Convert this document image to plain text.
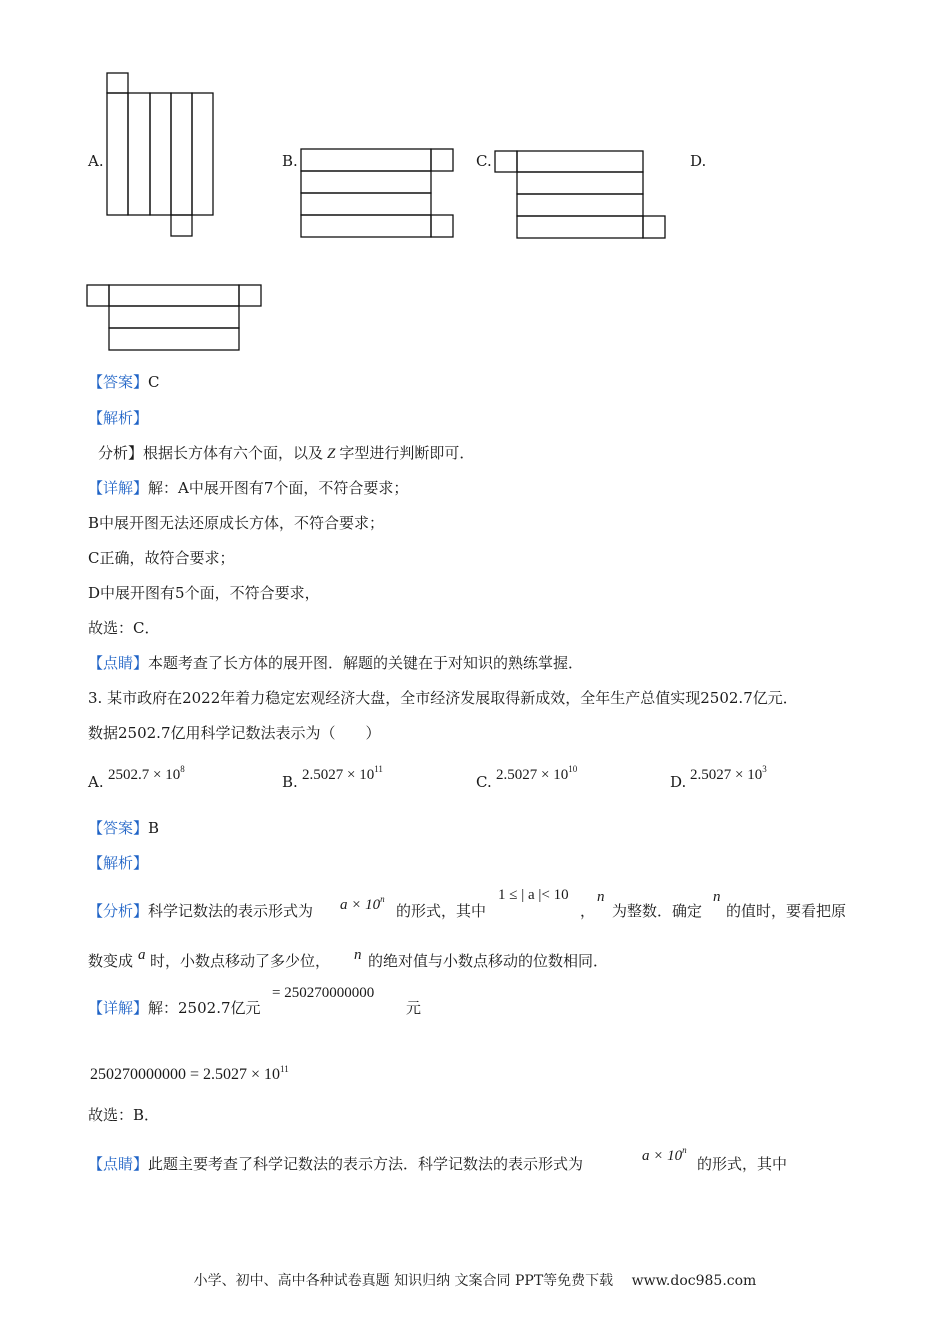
A.	B.	C.	D.
【答案】C
【解析】
分析】根据长方体有六个面，以及 Z 字型进行判断即可．
【详解】解：A中展开图有7个面，不符合要求；
B中展开图无法还原成长方体，不符合要求；
C正确，故符合要求；
D中展开图有5个面，不符合要求，
故选：C．
【点睛】本题考查了长方体的展开图．解题的关键在于对知识的熟练掌握．
3. 某市政府在2022年着力稳定宏观经济大盘，全市经济发展取得新成效，全年生产总值实现2502.7亿元．
数据2502.7亿用科学记数法表示为（　　）
A. $2502.7 \times 10^8$
B. $2.5027 \times 10^{11}$
C. $2.5027 \times 10^{10}$
D. $2.5027 \times 10^3$
【答案】B
【解析】
【分析】科学记数法的表示形式为 $a \times 10^n$
的形式，其中
1 ≤ | a |< 10
，
n
为整数．确定
n
的值时，要看把原
数变成 a 时，小数点移动了多少位， n 的绝对值与小数点移动的位数相同．
【详解】解：2502.7亿元
= 250270000000
元
$250270000000 = 2.5027 \times 10^{11}$
故选：B．
【点睛】此题主要考查了科学记数法的表示方法．科学记数法的表示形式为	$a \times 10^n$
的形式，其中
小学、初中、高中各种试卷真题 知识归纳 文案合同 PPT等免费下载　 www.doc985.com
